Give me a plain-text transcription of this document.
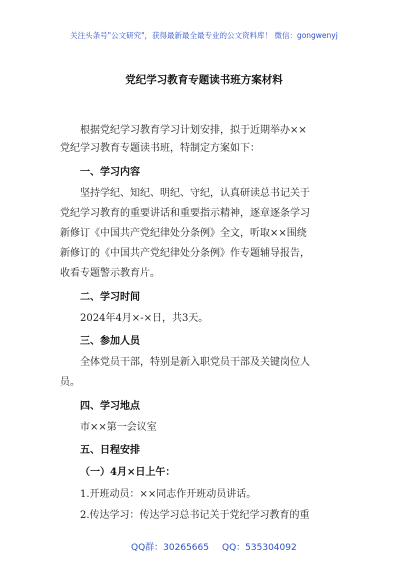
关注头条号"公文研究"，获得最新最全最专业的公文资料库！ 微信：gongwenyj
党纪学习教育专题读书班方案材料
根据党纪学习教育学习计划安排，拟于近期举办××
党纪学习教育专题读书班，特制定方案如下：
一、学习内容
坚持学纪、知纪、明纪、守纪，认真研读总书记关于
党纪学习教育的重要讲话和重要指示精神，逐章逐条学习
新修订《中国共产党纪律处分条例》全文，听取××围绕
新修订的《中国共产党纪律处分条例》作专题辅导报告，
收看专题警示教育片。
二、学习时间
2024年4月×-×日，共3天。
三、参加人员
全体党员干部，特别是新入职党员干部及关键岗位人
员。
四、学习地点
市××第一会议室
五、日程安排
（一）4月×日上午：
1.开班动员：××同志作开班动员讲话。
2.传达学习：传达学习总书记关于党纪学习教育的重
QQ群：30265665 QQ：535304092
